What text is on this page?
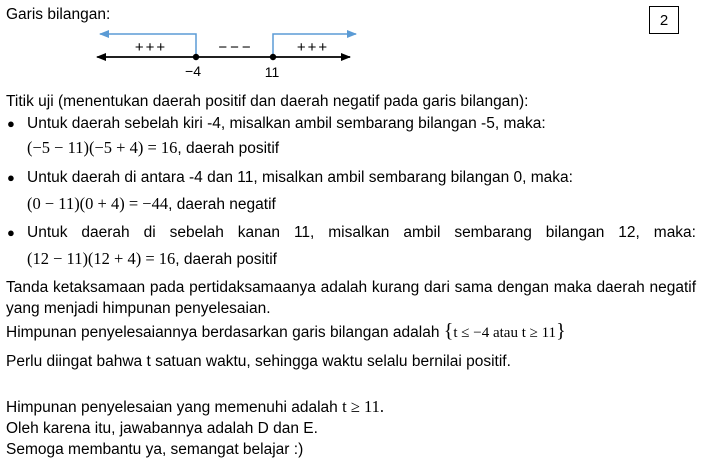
2
Garis bilangan:
+++	−−−	+++
−4	11
Titik uji (menentukan daerah positif dan daerah negatif pada garis bilangan):
● Untuk daerah sebelah kiri -4, misalkan ambil sembarang bilangan -5, maka:
(−5 − 11)(−5 + 4) = 16, daerah positif
● Untuk daerah di antara -4 dan 11, misalkan ambil sembarang bilangan 0, maka:
(0 − 11)(0 + 4) = −44, daerah negatif
● Untuk daerah di sebelah kanan 11, misalkan ambil sembarang bilangan 12, maka:
(12 − 11)(12 + 4) = 16, daerah positif
Tanda ketaksamaan pada pertidaksamaanya adalah kurang dari sama dengan maka daerah negatif yang menjadi himpunan penyelesaian.
Himpunan penyelesaiannya berdasarkan garis bilangan adalah {t ≤ −4 atau t ≥ 11}
Perlu diingat bahwa t satuan waktu, sehingga waktu selalu bernilai positif.
Himpunan penyelesaian yang memenuhi adalah t ≥ 11.
Oleh karena itu, jawabannya adalah D dan E.
Semoga membantu ya, semangat belajar :)
